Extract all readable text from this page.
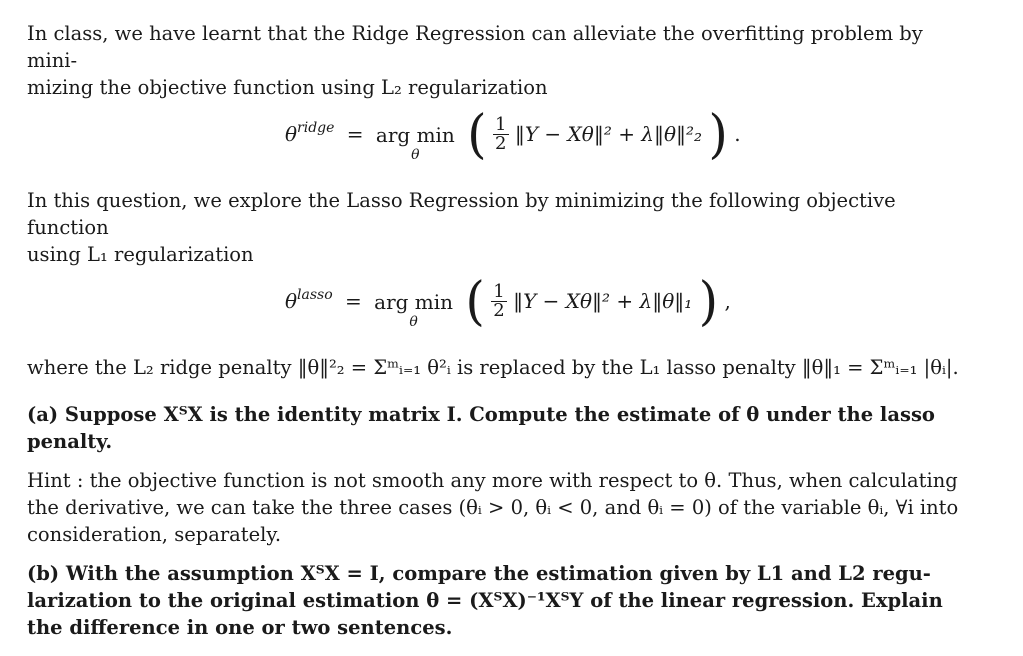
In class, we have learnt that the Ridge Regression can alleviate the overfitting problem by mini-

mizing the objective function using L₂ regularization

θridge = arg min
θ ( $\frac{1}{2}$ ‖Y − Xθ‖² + λ‖θ‖²₂ ) .

In this question, we explore the Lasso Regression by minimizing the following objective function

using L₁ regularization

θlasso = arg min
θ ( $\frac{1}{2}$ ‖Y − Xθ‖² + λ‖θ‖₁ ) ,

where the L₂ ridge penalty ‖θ‖²₂ = Σᵐᵢ₌₁ θ²ᵢ is replaced by the L₁ lasso penalty ‖θ‖₁ = Σᵐᵢ₌₁ |θᵢ|.

(a) Suppose XᵀX is the identity matrix I. Compute the estimate of θ under the lasso

penalty.

Hint : the objective function is not smooth any more with respect to θ. Thus, when calculating

the derivative, we can take the three cases (θᵢ > 0, θᵢ < 0, and θᵢ = 0) of the variable θᵢ, ∀i into

consideration, separately.

(b) With the assumption XᵀX = I, compare the estimation given by L1 and L2 regu-

larization to the original estimation θ = (XᵀX)⁻¹XᵀY of the linear regression. Explain

the difference in one or two sentences.
